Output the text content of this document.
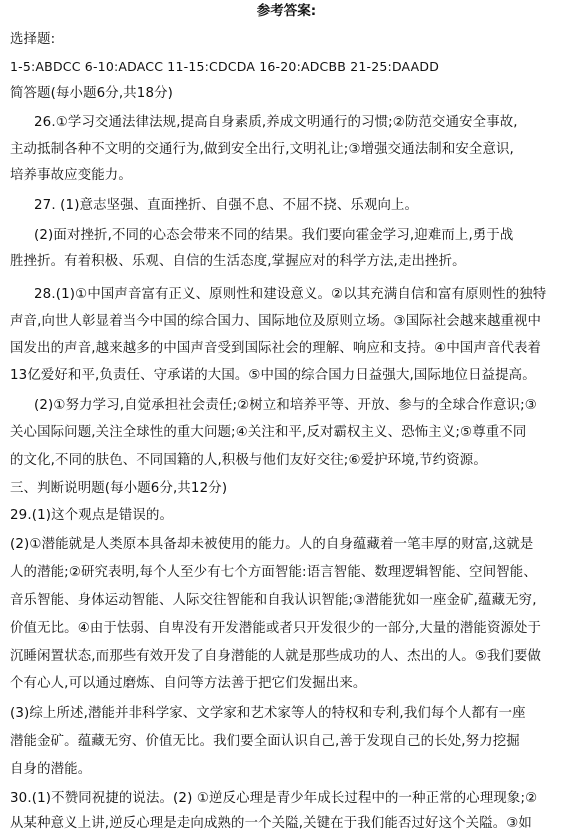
参考答案:
选择题:
1-5:ABDCC 6-10:ADACC 11-15:CDCDA 16-20:ADCBB 21-25:DAADD
简答题(每小题6分,共18分)
26.①学习交通法律法规,提高自身素质,养成文明通行的习惯;②防范交通安全事故,
主动抵制各种不文明的交通行为,做到安全出行,文明礼让;③增强交通法制和安全意识,
培养事故应变能力。
27. (1)意志坚强、直面挫折、自强不息、不屈不挠、乐观向上。
(2)面对挫折,不同的心态会带来不同的结果。我们要向霍金学习,迎难而上,勇于战
胜挫折。有着积极、乐观、自信的生活态度,掌握应对的科学方法,走出挫折。
28.(1)①中国声音富有正义、原则性和建设意义。②以其充满自信和富有原则性的独特
声音,向世人彰显着当今中国的综合国力、国际地位及原则立场。③国际社会越来越重视中
国发出的声音,越来越多的中国声音受到国际社会的理解、响应和支持。④中国声音代表着
13亿爱好和平,负责任、守承诺的大国。⑤中国的综合国力日益强大,国际地位日益提高。
(2)①努力学习,自觉承担社会责任;②树立和培养平等、开放、参与的全球合作意识;③
关心国际问题,关注全球性的重大问题;④关注和平,反对霸权主义、恐怖主义;⑤尊重不同
的文化,不同的肤色、不同国籍的人,积极与他们友好交往;⑥爱护环境,节约资源。
三、判断说明题(每小题6分,共12分)
29.(1)这个观点是错误的。
(2)①潜能就是人类原本具备却未被使用的能力。人的自身蕴藏着一笔丰厚的财富,这就是
人的潜能;②研究表明,每个人至少有七个方面智能:语言智能、数理逻辑智能、空间智能、
音乐智能、身体运动智能、人际交往智能和自我认识智能;③潜能犹如一座金矿,蕴藏无穷,
价值无比。④由于怯弱、自卑没有开发潜能或者只开发很少的一部分,大量的潜能资源处于
沉睡闲置状态,而那些有效开发了自身潜能的人就是那些成功的人、杰出的人。⑤我们要做
个有心人,可以通过磨炼、自问等方法善于把它们发掘出来。
(3)综上所述,潜能并非科学家、文学家和艺术家等人的特权和专利,我们每个人都有一座
潜能金矿。蕴藏无穷、价值无比。我们要全面认识自己,善于发现自己的长处,努力挖掘
自身的潜能。
30.(1)不赞同祝捷的说法。(2) ①逆反心理是青少年成长过程中的一种正常的心理现象;②
从某种意义上讲,逆反心理是走向成熟的一个关隘,关键在于我们能否过好这个关隘。③如
